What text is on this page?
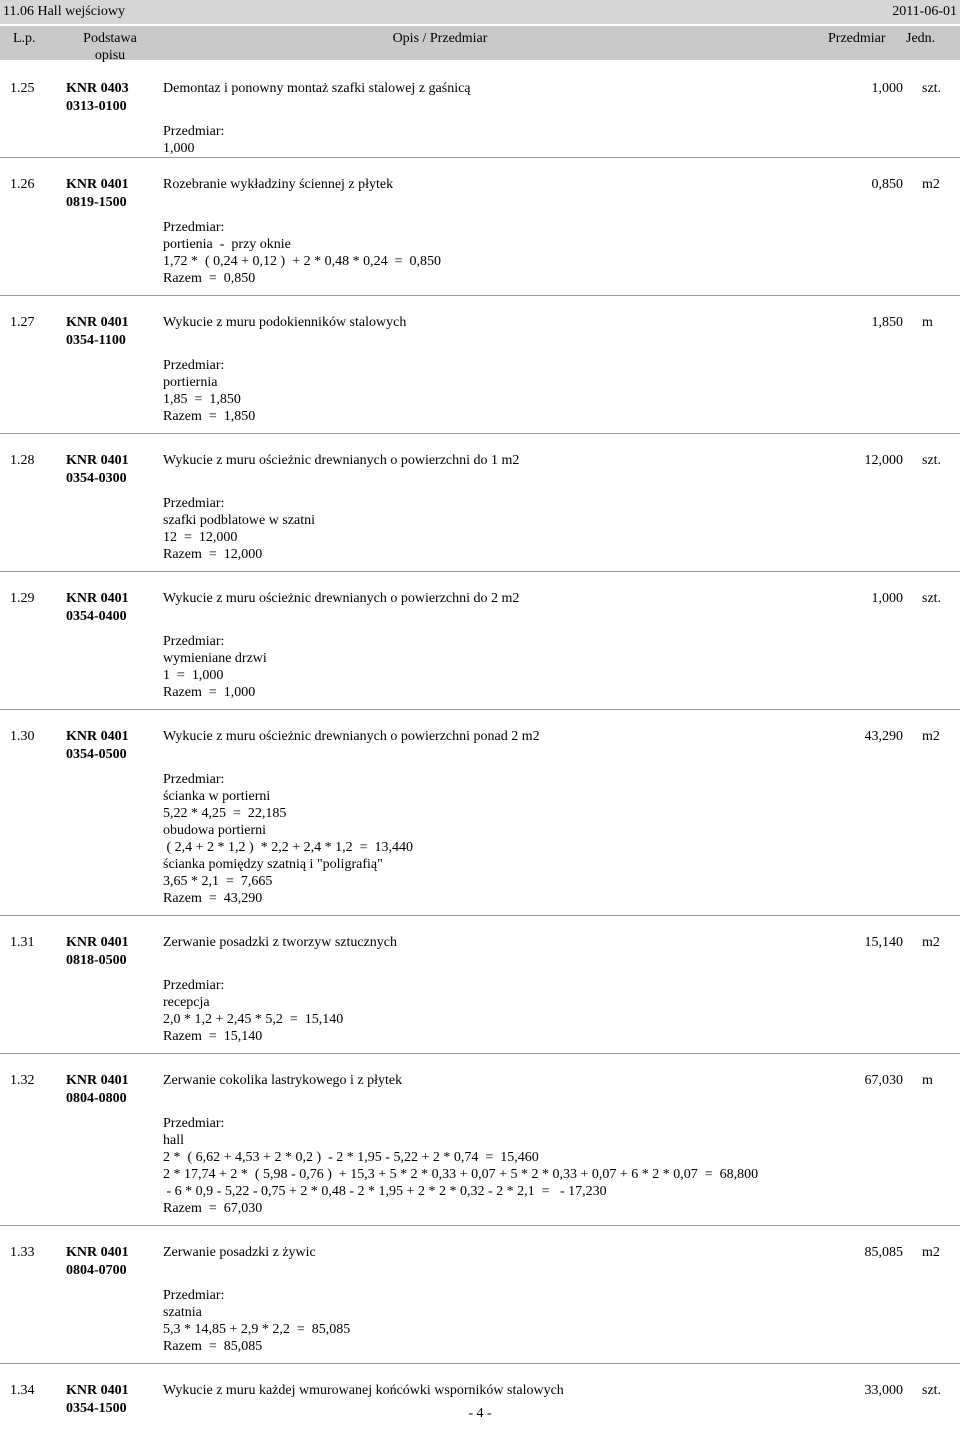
11.06 Hall wejściowy	2011-06-01
L.p.	Podstawa opisu
Opis / Przedmiar	Przedmiar Jedn.
1.25 KNR 0403
0313-0100
Demontaz i ponowny montaż szafki stalowej z gaśnicą	1,000 szt.
Przedmiar:
1,000
1.26 KNR 0401
0819-1500
Rozebranie wykładziny ściennej z płytek	0,850 m2
Przedmiar:
portienia  -  przy oknie
1,72 *  ( 0,24 + 0,12 )  + 2 * 0,48 * 0,24  =  0,850
Razem  =  0,850
1.27 KNR 0401
0354-1100
Wykucie z muru podokienników stalowych	1,850 m
Przedmiar:
portiernia
1,85  =  1,850
Razem  =  1,850
1.28 KNR 0401
0354-0300
Wykucie z muru ościeżnic drewnianych o powierzchni do 1 m2	12,000 szt.
Przedmiar:
szafki podblatowe w szatni
12  =  12,000
Razem  =  12,000
1.29 KNR 0401
0354-0400
Wykucie z muru ościeżnic drewnianych o powierzchni do 2 m2	1,000 szt.
Przedmiar:
wymieniane drzwi
1  =  1,000
Razem  =  1,000
1.30 KNR 0401
0354-0500
Wykucie z muru ościeżnic drewnianych o powierzchni ponad 2 m2	43,290 m2
Przedmiar:
ścianka w portierni
5,22 * 4,25  =  22,185
obudowa portierni
( 2,4 + 2 * 1,2 )  * 2,2 + 2,4 * 1,2  =  13,440
ścianka pomiędzy szatnią i "poligrafią"
3,65 * 2,1  =  7,665
Razem  =  43,290
1.31 KNR 0401
0818-0500
Zerwanie posadzki z tworzyw sztucznych	15,140 m2
Przedmiar:
recepcja
2,0 * 1,2 + 2,45 * 5,2  =  15,140
Razem  =  15,140
1.32 KNR 0401
0804-0800
Zerwanie cokolika lastrykowego i z płytek	67,030 m
Przedmiar:
hall
2 *  ( 6,62 + 4,53 + 2 * 0,2 )  - 2 * 1,95 - 5,22 + 2 * 0,74  =  15,460
2 * 17,74 + 2 *  ( 5,98 - 0,76 )  + 15,3 + 5 * 2 * 0,33 + 0,07 + 5 * 2 * 0,33 + 0,07 + 6 * 2 * 0,07  =  68,800
- 6 * 0,9 - 5,22 - 0,75 + 2 * 0,48 - 2 * 1,95 + 2 * 2 * 0,32 - 2 * 2,1  =   - 17,230
Razem  =  67,030
1.33 KNR 0401
0804-0700
Zerwanie posadzki z żywic	85,085 m2
Przedmiar:
szatnia
5,3 * 14,85 + 2,9 * 2,2  =  85,085
Razem  =  85,085
1.34 KNR 0401
0354-1500
Wykucie z muru każdej wmurowanej końcówki wsporników stalowych	33,000 szt.
- 4 -
